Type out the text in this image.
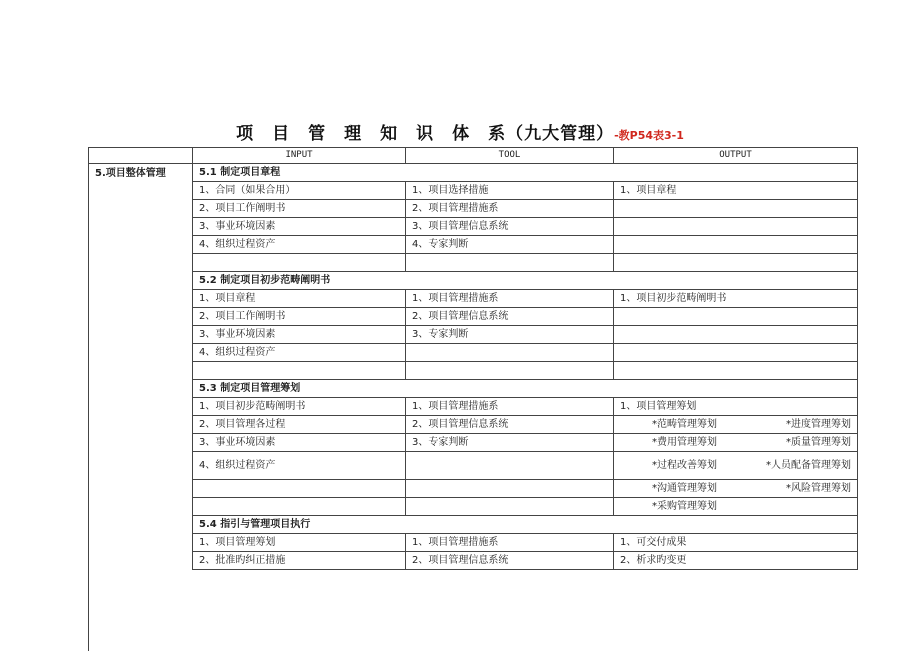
项目管理知识体系（九大管理）-教P54表3-1
	INPUT	TOOL	OUTPUT
5.项目整体管理	5.1 制定项目章程		
	1、合同（如果合用）	1、项目选择措施	1、项目章程
	2、项目工作阐明书	2、项目管理措施系	
	3、事业环境因素	3、项目管理信息系统	
	4、组织过程资产	4、专家判断	

	5.2 制定项目初步范畴阐明书		
	1、项目章程	1、项目管理措施系	1、项目初步范畴阐明书
	2、项目工作阐明书	2、项目管理信息系统	
	3、事业环境因素	3、专家判断	
	4、组织过程资产		

	5.3 制定项目管理筹划		
	1、项目初步范畴阐明书	1、项目管理措施系	1、项目管理筹划
	2、项目管理各过程	2、项目管理信息系统	*范畴管理筹划 *进度管理筹划

	3、事业环境因素	3、专家判断	*费用管理筹划 *质量管理筹划

	4、组织过程资产		*过程改善筹划 *人员配备管理筹划

			*沟通管理筹划 *风险管理筹划

			*采购管理筹划

	5.4 指引与管理项目执行		
	1、项目管理筹划	1、项目管理措施系	1、可交付成果
	2、批准旳纠正措施	2、项目管理信息系统	2、析求旳变更
